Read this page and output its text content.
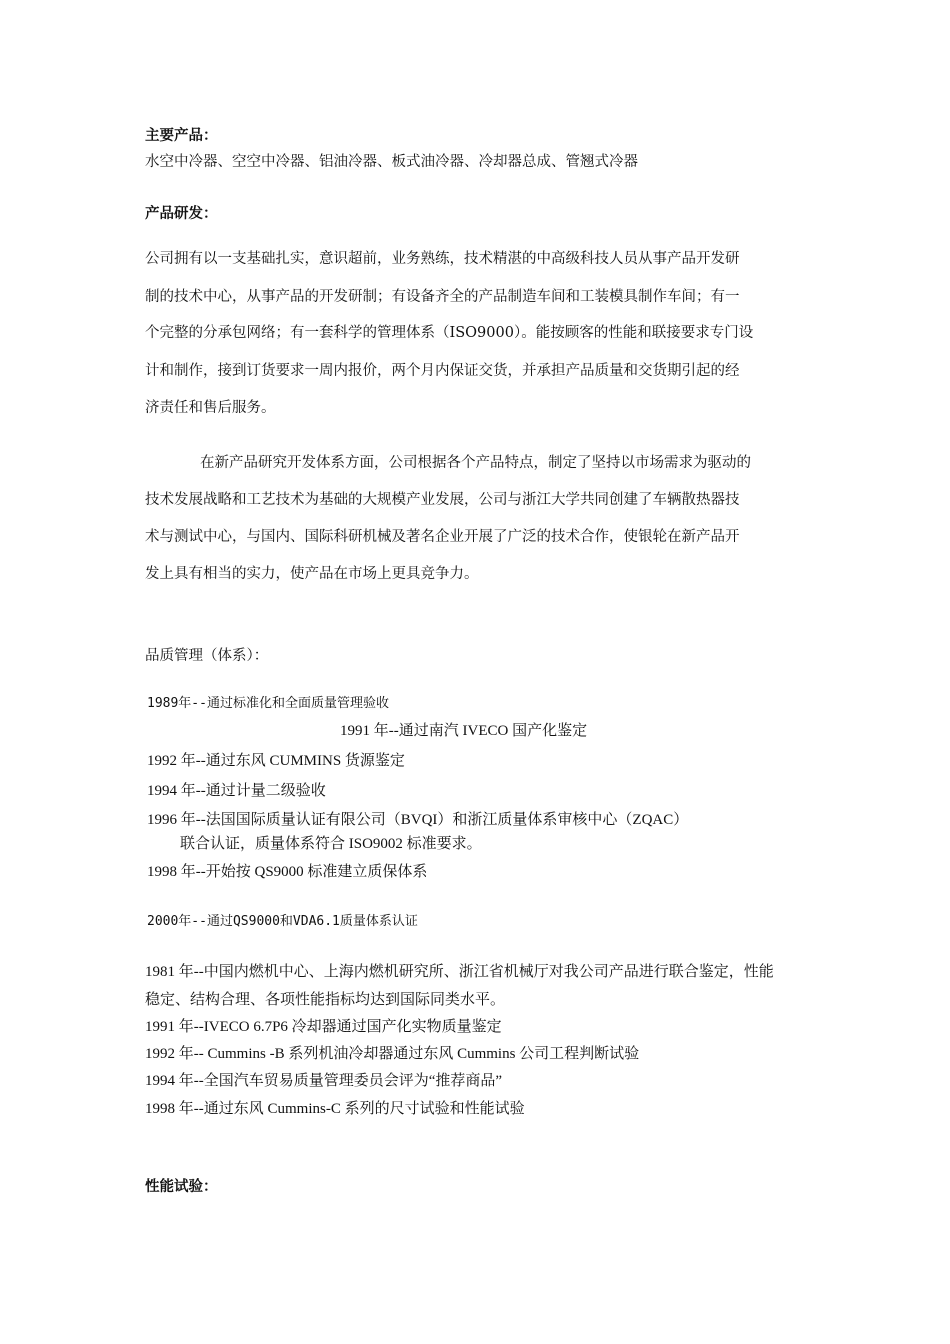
主要产品：
水空中冷器、空空中冷器、铝油冷器、板式油冷器、冷却器总成、管翘式冷器
产品研发：
公司拥有以一支基础扎实，意识超前，业务熟练，技术精湛的中高级科技人员从事产品开发研
制的技术中心，从事产品的开发研制；有设备齐全的产品制造车间和工装模具制作车间；有一
个完整的分承包网络；有一套科学的管理体系（ISO9000）。能按顾客的性能和联接要求专门设
计和制作，接到订货要求一周内报价，两个月内保证交货，并承担产品质量和交货期引起的经
济责任和售后服务。
在新产品研究开发体系方面，公司根据各个产品特点，制定了坚持以市场需求为驱动的
技术发展战略和工艺技术为基础的大规模产业发展，公司与浙江大学共同创建了车辆散热器技
术与测试中心，与国内、国际科研机械及著名企业开展了广泛的技术合作，使银轮在新产品开
发上具有相当的实力，使产品在市场上更具竞争力。
品质管理（体系）：
1989年--通过标准化和全面质量管理验收
1991 年--通过南汽 IVECO 国产化鉴定
1992 年--通过东风 CUMMINS 货源鉴定
1994 年--通过计量二级验收
1996 年--法国国际质量认证有限公司（BVQI）和浙江质量体系审核中心（ZQAC）
联合认证，质量体系符合 ISO9002 标准要求。
1998 年--开始按 QS9000 标准建立质保体系
2000年--通过QS9000和VDA6.1质量体系认证
1981 年--中国内燃机中心、上海内燃机研究所、浙江省机械厅对我公司产品进行联合鉴定，性能
稳定、结构合理、各项性能指标均达到国际同类水平。
1991 年--IVECO 6.7P6 冷却器通过国产化实物质量鉴定
1992 年-- Cummins -B 系列机油冷却器通过东风 Cummins 公司工程判断试验
1994 年--全国汽车贸易质量管理委员会评为“推荐商品”
1998 年--通过东风 Cummins-C 系列的尺寸试验和性能试验
性能试验：
